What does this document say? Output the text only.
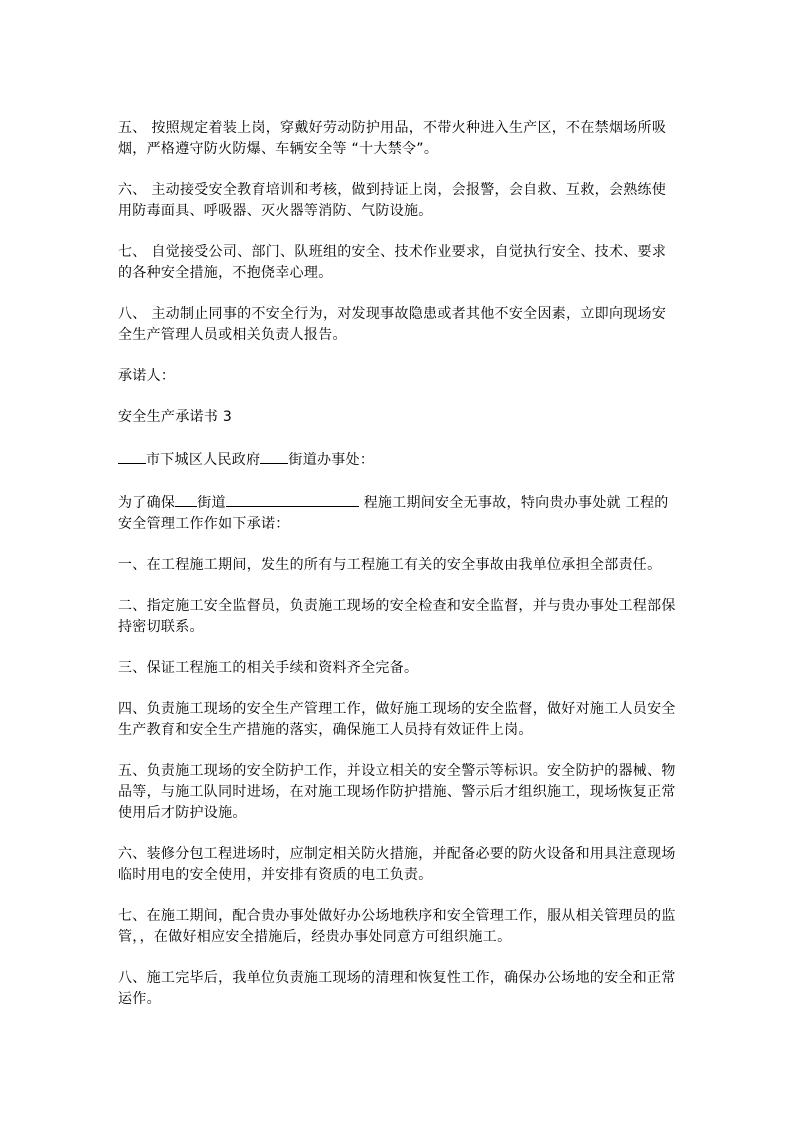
五、 按照规定着装上岗，穿戴好劳动防护用品，不带火种进入生产区，不在禁烟场所吸烟，严格遵守防火防爆、车辆安全等 “十大禁令”。

六、 主动接受安全教育培训和考核，做到持证上岗，会报警，会自救、互救，会熟练使用防毒面具、呼吸器、灭火器等消防、气防设施。

七、 自觉接受公司、部门、队班组的安全、技术作业要求，自觉执行安全、技术、要求的各种安全措施，不抱侥幸心理。

八、 主动制止同事的不安全行为，对发现事故隐患或者其他不安全因素，立即向现场安全生产管理人员或相关负责人报告。

承诺人：

安全生产承诺书 3

市下城区人民政府 街道办事处：

为了确保 街道	程施工期间安全无事故，特向贵办事处就 工程的安全管理工作作如下承诺：

一、在工程施工期间，发生的所有与工程施工有关的安全事故由我单位承担全部责任。

二、指定施工安全监督员，负责施工现场的安全检查和安全监督，并与贵办事处工程部保持密切联系。

三、保证工程施工的相关手续和资料齐全完备。

四、负责施工现场的安全生产管理工作，做好施工现场的安全监督，做好对施工人员安全生产教育和安全生产措施的落实，确保施工人员持有效证件上岗。

五、负责施工现场的安全防护工作，并设立相关的安全警示等标识。安全防护的器械、物品等，与施工队同时进场，在对施工现场作防护措施、警示后才组织施工，现场恢复正常使用后才防护设施。

六、装修分包工程进场时，应制定相关防火措施，并配备必要的防火设备和用具注意现场临时用电的安全使用，并安排有资质的电工负责。

七、在施工期间，配合贵办事处做好办公场地秩序和安全管理工作，服从相关管理员的监管，，在做好相应安全措施后，经贵办事处同意方可组织施工。

八、施工完毕后，我单位负责施工现场的清理和恢复性工作，确保办公场地的安全和正常运作。
